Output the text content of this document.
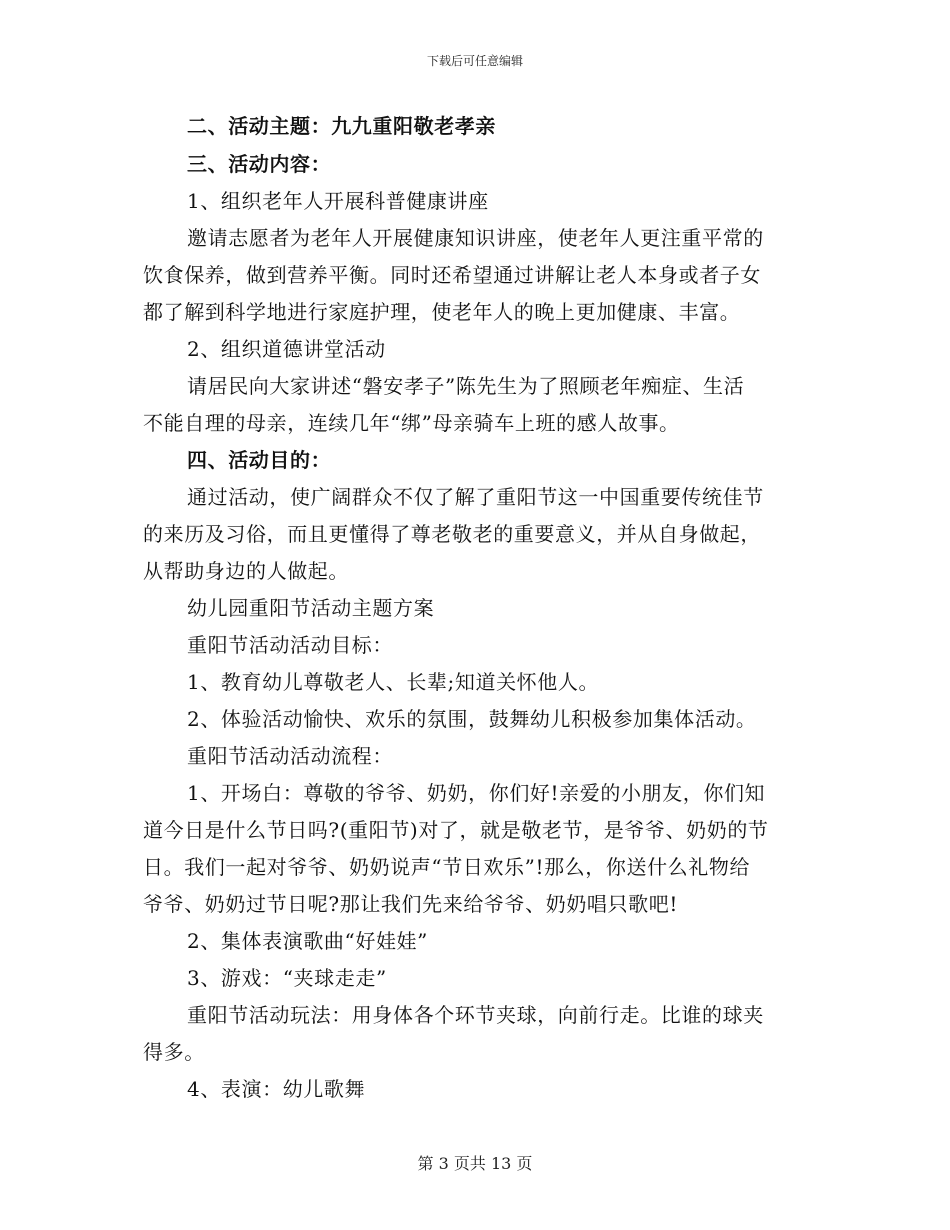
下载后可任意编辑
二、活动主题：九九重阳敬老孝亲
三、活动内容：
1、组织老年人开展科普健康讲座
邀请志愿者为老年人开展健康知识讲座，使老年人更注重平常的
饮食保养，做到营养平衡。同时还希望通过讲解让老人本身或者子女
都了解到科学地进行家庭护理，使老年人的晚上更加健康、丰富。
2、组织道德讲堂活动
请居民向大家讲述“磐安孝子”陈先生为了照顾老年痴症、生活
不能自理的母亲，连续几年“绑”母亲骑车上班的感人故事。
四、活动目的：
通过活动，使广阔群众不仅了解了重阳节这一中国重要传统佳节
的来历及习俗，而且更懂得了尊老敬老的重要意义，并从自身做起，
从帮助身边的人做起。
幼儿园重阳节活动主题方案
重阳节活动活动目标：
1、教育幼儿尊敬老人、长辈;知道关怀他人。
2、体验活动愉快、欢乐的氛围，鼓舞幼儿积极参加集体活动。
重阳节活动活动流程：
1、开场白：尊敬的爷爷、奶奶，你们好!亲爱的小朋友，你们知
道今日是什么节日吗?(重阳节)对了，就是敬老节，是爷爷、奶奶的节
日。我们一起对爷爷、奶奶说声“节日欢乐”!那么，你送什么礼物给
爷爷、奶奶过节日呢?那让我们先来给爷爷、奶奶唱只歌吧!
2、集体表演歌曲“好娃娃”
3、游戏：“夹球走走”
重阳节活动玩法：用身体各个环节夹球，向前行走。比谁的球夹
得多。
4、表演：幼儿歌舞
第 3 页共 13 页
